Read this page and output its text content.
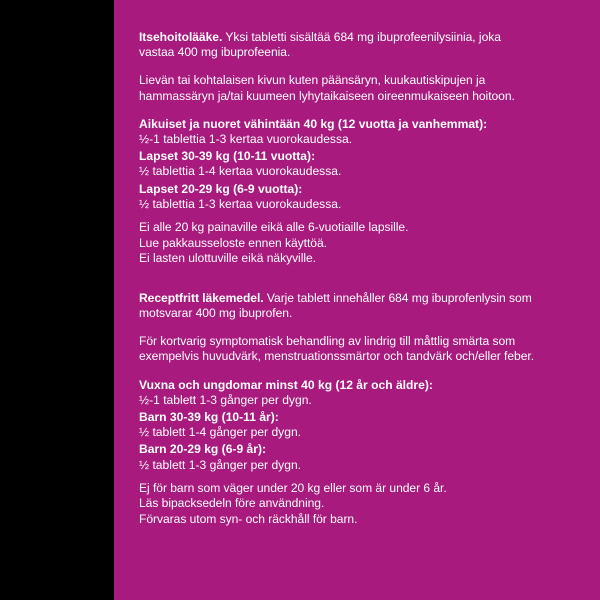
Itsehoitolääke. Yksi tabletti sisältää 684 mg ibuprofeenilysiinia, joka vastaa 400 mg ibuprofeenia.
Lievän tai kohtalaisen kivun kuten päänsäryn, kuukautiskipujen ja hammassäryn ja/tai kuumeen lyhytaikaiseen oireenmukaiseen hoitoon.
Aikuiset ja nuoret vähintään 40 kg (12 vuotta ja vanhemmat):
½-1 tablettia 1-3 kertaa vuorokaudessa.
Lapset 30-39 kg (10-11 vuotta):
½ tablettia 1-4 kertaa vuorokaudessa.
Lapset 20-29 kg (6-9 vuotta):
½ tablettia 1-3 kertaa vuorokaudessa.
Ei alle 20 kg painaville eikä alle 6-vuotiaille lapsille.
Lue pakkausseloste ennen käyttöä.
Ei lasten ulottuville eikä näkyville.
Receptfritt läkemedel. Varje tablett innehåller 684 mg ibuprofenlysin som motsvarar 400 mg ibuprofen.
För kortvarig symptomatisk behandling av lindrig till måttlig smärta som exempelvis huvudvärk, menstruationssmärtor och tandvärk och/eller feber.
Vuxna och ungdomar minst 40 kg (12 år och äldre):
½-1 tablett 1-3 gånger per dygn.
Barn 30-39 kg (10-11 år):
½ tablett 1-4 gånger per dygn.
Barn 20-29 kg (6-9 år):
½ tablett 1-3 gånger per dygn.
Ej för barn som väger under 20 kg eller som är under 6 år.
Läs bipacksedeln före användning.
Förvaras utom syn- och räckhåll för barn.
